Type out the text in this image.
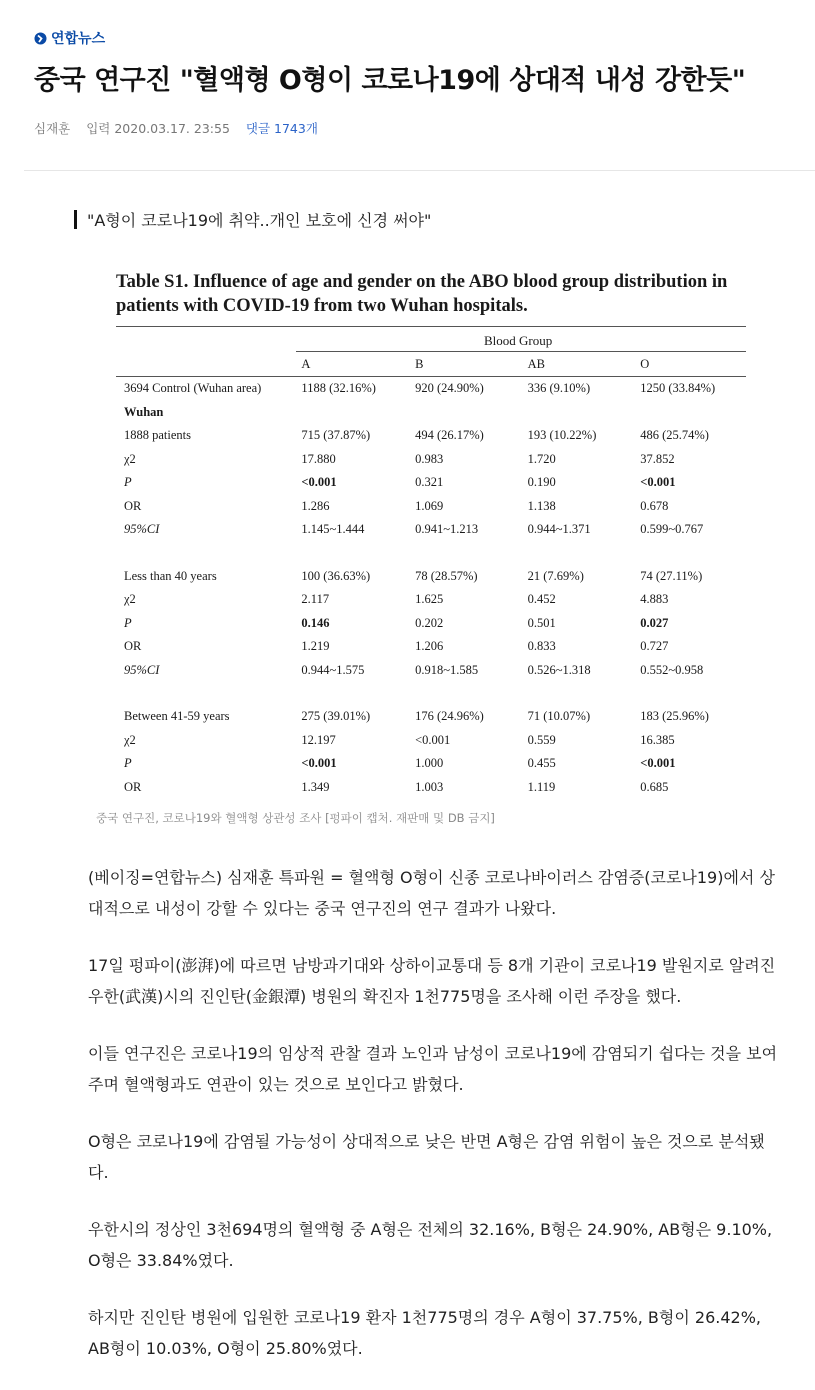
연합뉴스
중국 연구진 "혈액형 O형이 코로나19에 상대적 내성 강한듯"
심재훈 입력 2020.03.17. 23:55 댓글 1743개
"A형이 코로나19에 취약..개인 보호에 신경 써야"
Table S1. Influence of age and gender on the ABO blood group distribution in patients with COVID-19 from two Wuhan hospitals.
Blood Group
	A	B	AB	O
3694 Control (Wuhan area)	1188 (32.16%)	920 (24.90%)	336 (9.10%)	1250 (33.84%)
Wuhan				
1888 patients	715 (37.87%)	494 (26.17%)	193 (10.22%)	486 (25.74%)
χ2	17.880	0.983	1.720	37.852
P	<0.001	0.321	0.190	<0.001
OR	1.286	1.069	1.138	0.678
95%CI	1.145~1.444	0.941~1.213	0.944~1.371	0.599~0.767

Less than 40 years	100 (36.63%)	78 (28.57%)	21 (7.69%)	74 (27.11%)
χ2	2.117	1.625	0.452	4.883
P	0.146	0.202	0.501	0.027
OR	1.219	1.206	0.833	0.727
95%CI	0.944~1.575	0.918~1.585	0.526~1.318	0.552~0.958

Between 41-59 years	275 (39.01%)	176 (24.96%)	71 (10.07%)	183 (25.96%)
χ2	12.197	<0.001	0.559	16.385
P	<0.001	1.000	0.455	<0.001
OR	1.349	1.003	1.119	0.685
중국 연구진, 코로나19와 혈액형 상관성 조사 [펑파이 캡처. 재판매 및 DB 금지]

(베이징=연합뉴스) 심재훈 특파원 = 혈액형 O형이 신종 코로나바이러스 감염증(코로나19)에서 상대적으로 내성이 강할 수 있다는 중국 연구진의 연구 결과가 나왔다.

17일 펑파이(澎湃)에 따르면 남방과기대와 상하이교통대 등 8개 기관이 코로나19 발원지로 알려진 우한(武漢)시의 진인탄(金銀潭) 병원의 확진자 1천775명을 조사해 이런 주장을 했다.

이들 연구진은 코로나19의 임상적 관찰 결과 노인과 남성이 코로나19에 감염되기 쉽다는 것을 보여주며 혈액형과도 연관이 있는 것으로 보인다고 밝혔다.

O형은 코로나19에 감염될 가능성이 상대적으로 낮은 반면 A형은 감염 위험이 높은 것으로 분석됐다.

우한시의 정상인 3천694명의 혈액형 중 A형은 전체의 32.16%, B형은 24.90%, AB형은 9.10%, O형은 33.84%였다.

하지만 진인탄 병원에 입원한 코로나19 환자 1천775명의 경우 A형이 37.75%, B형이 26.42%, AB형이 10.03%, O형이 25.80%였다.
